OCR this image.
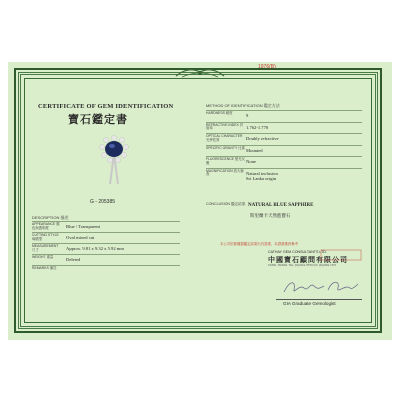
1976(B)
CERTIFICATE OF GEM IDENTIFICATION
寶石鑑定書
G - 205385
DESCRIPTION 描述
APPEARANCE 顏色與透明度	Blue / Transparent
CUTTING STYLE 琢磨型	Oval mixed cut
MEASUREMENT 尺寸	Approx. 9.81 x 9.32 x 5.92 mm
WEIGHT 重量	Deleted
REMARKS 備註
METHOD OF IDENTIFICATION 鑑定方法
HARDNESS 硬度	9
REFRACTIVE INDEX 折射率	1.762-1.770
OPTICAL CHARACTER 光學性質	Doubly refractive
SPECIFIC GRAVITY 比重 Mounted
FLUORESCENCE 螢光反應	None
MAGNIFICATION 放大檢查	Natural inclusion
Sri Lanka origin
CONCLUSION 鑑定結果 NATURAL BLUE SAPPHIRE
斯里蘭卡天然藍寶石
本公司依據儀器鑑定結果出具證書，本證書僅供參考
CATHAY GEM CONSULTANTS LTD.
中國寶石顧問有限公司
TAIPEI, TAIWAN. TEL: (02)2321-7879 FAX: (02)2391-7479
GIA Graduate Gemologist
